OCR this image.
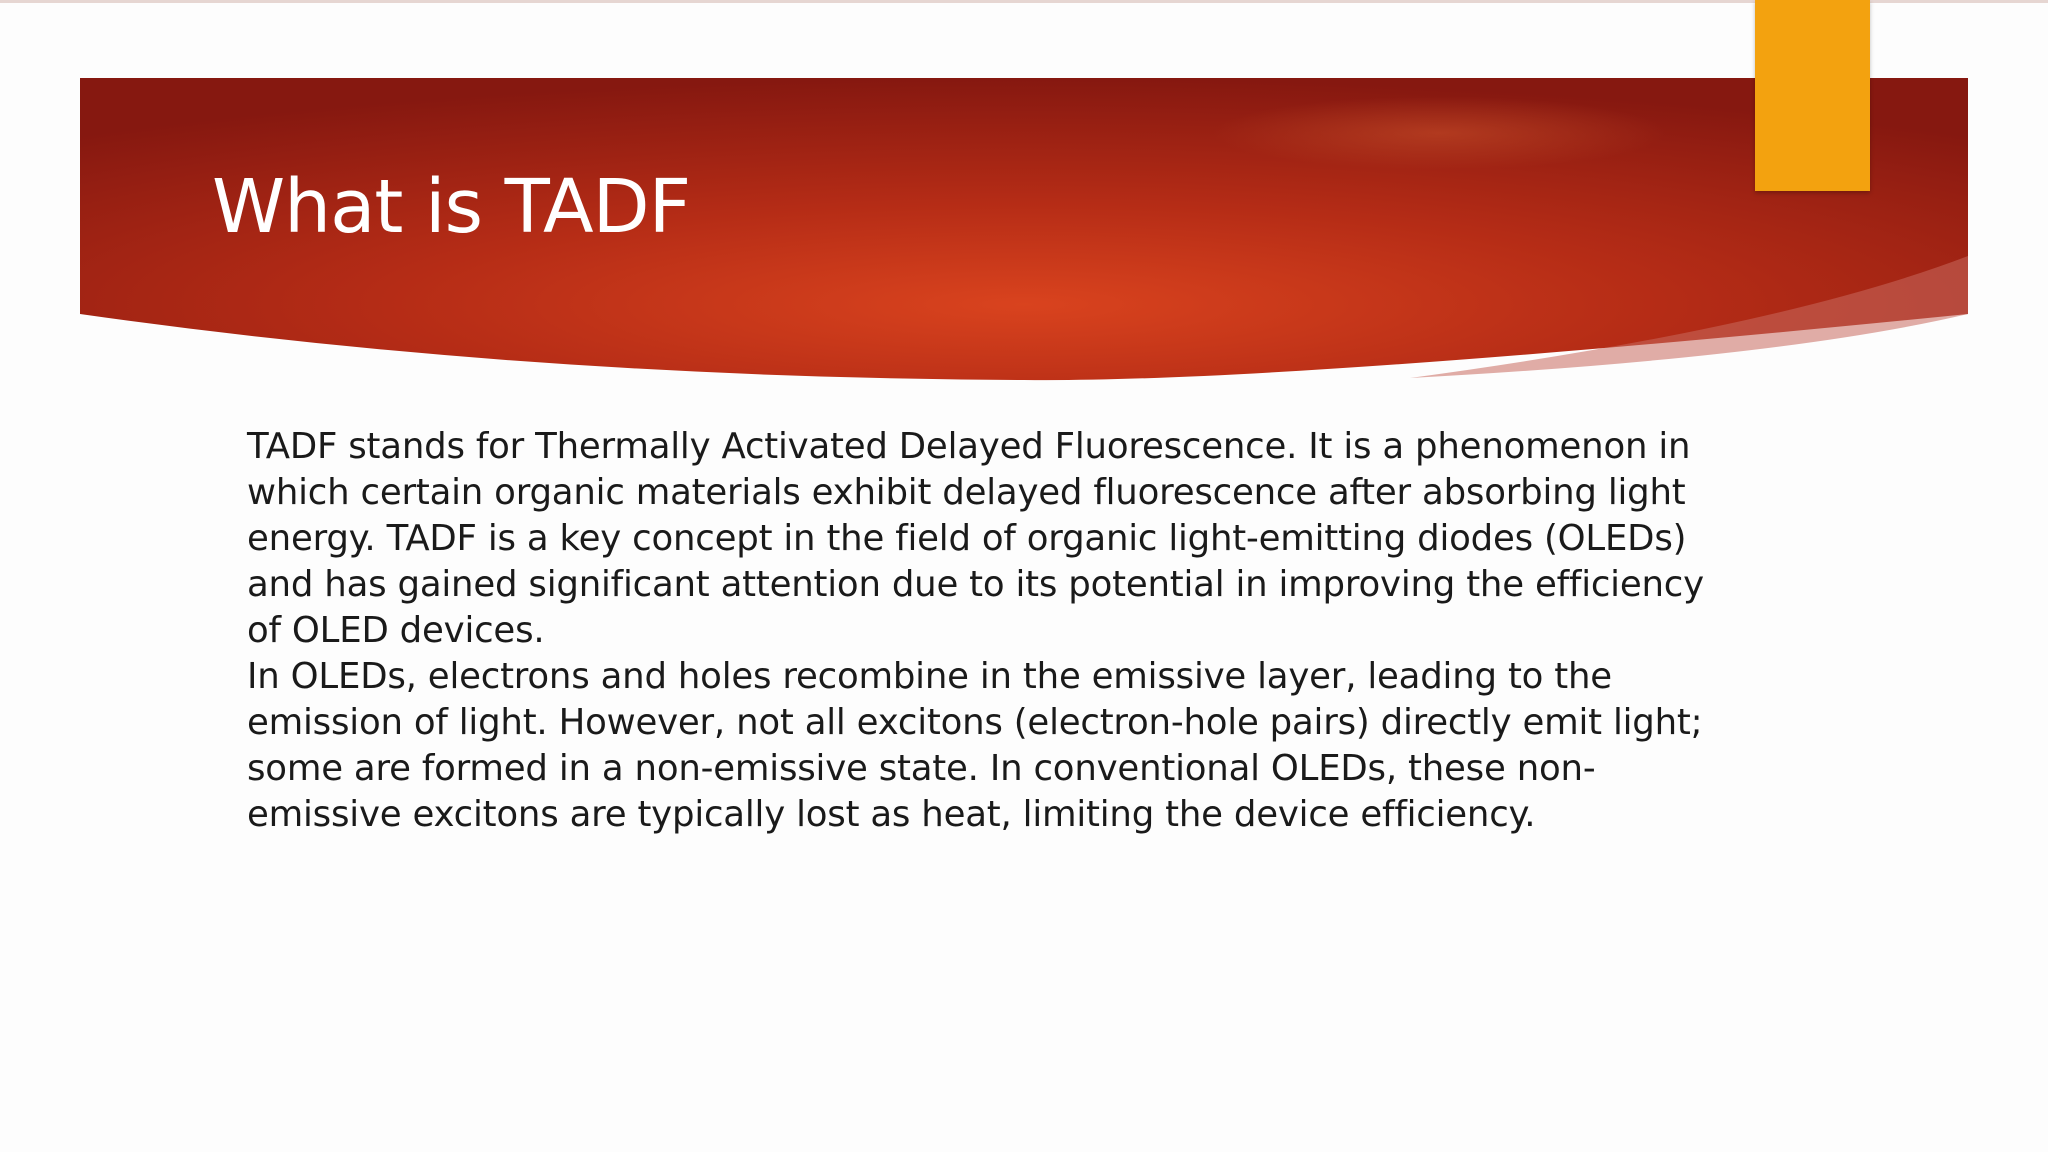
What is TADF
TADF stands for Thermally Activated Delayed Fluorescence. It is a phenomenon in
which certain organic materials exhibit delayed fluorescence after absorbing light
energy. TADF is a key concept in the field of organic light-emitting diodes (OLEDs)
and has gained significant attention due to its potential in improving the efficiency
of OLED devices.
In OLEDs, electrons and holes recombine in the emissive layer, leading to the
emission of light. However, not all excitons (electron-hole pairs) directly emit light;
some are formed in a non-emissive state. In conventional OLEDs, these non-
emissive excitons are typically lost as heat, limiting the device efficiency.
